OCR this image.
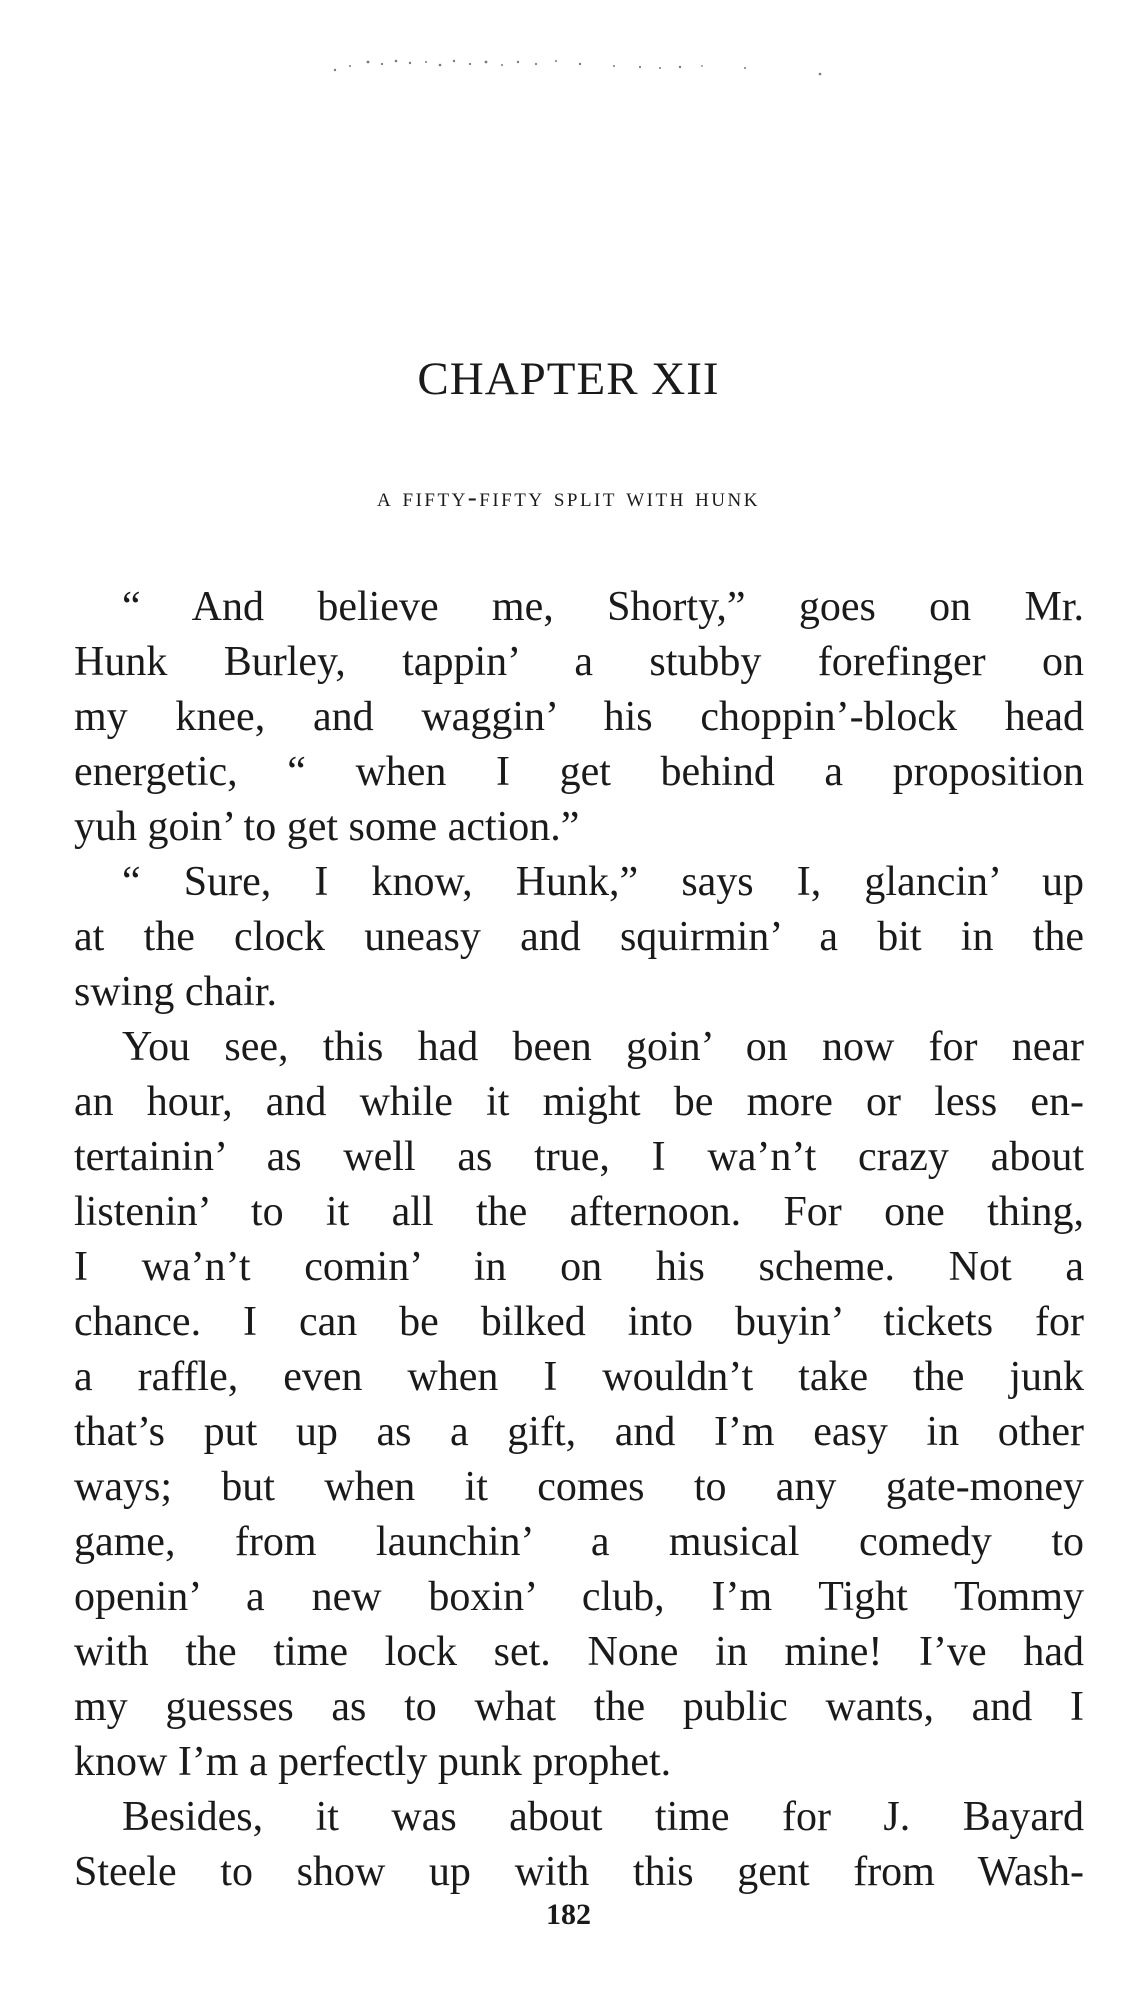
CHAPTER XII
a fifty-fifty split with hunk
“ And believe me, Shorty,” goes on Mr.
Hunk Burley, tappin’ a stubby forefinger on
my knee, and waggin’ his choppin’-block head
energetic, “ when I get behind a proposition
yuh goin’ to get some action.”
“ Sure, I know, Hunk,” says I, glancin’ up
at the clock uneasy and squirmin’ a bit in the
swing chair.
You see, this had been goin’ on now for near
an hour, and while it might be more or less en-
tertainin’ as well as true, I wa’n’t crazy about
listenin’ to it all the afternoon. For one thing,
I wa’n’t comin’ in on his scheme. Not a
chance. I can be bilked into buyin’ tickets for
a raffle, even when I wouldn’t take the junk
that’s put up as a gift, and I’m easy in other
ways; but when it comes to any gate-money
game, from launchin’ a musical comedy to
openin’ a new boxin’ club, I’m Tight Tommy
with the time lock set. None in mine! I’ve had
my guesses as to what the public wants, and I
know I’m a perfectly punk prophet.
Besides, it was about time for J. Bayard
Steele to show up with this gent from Wash-
182
